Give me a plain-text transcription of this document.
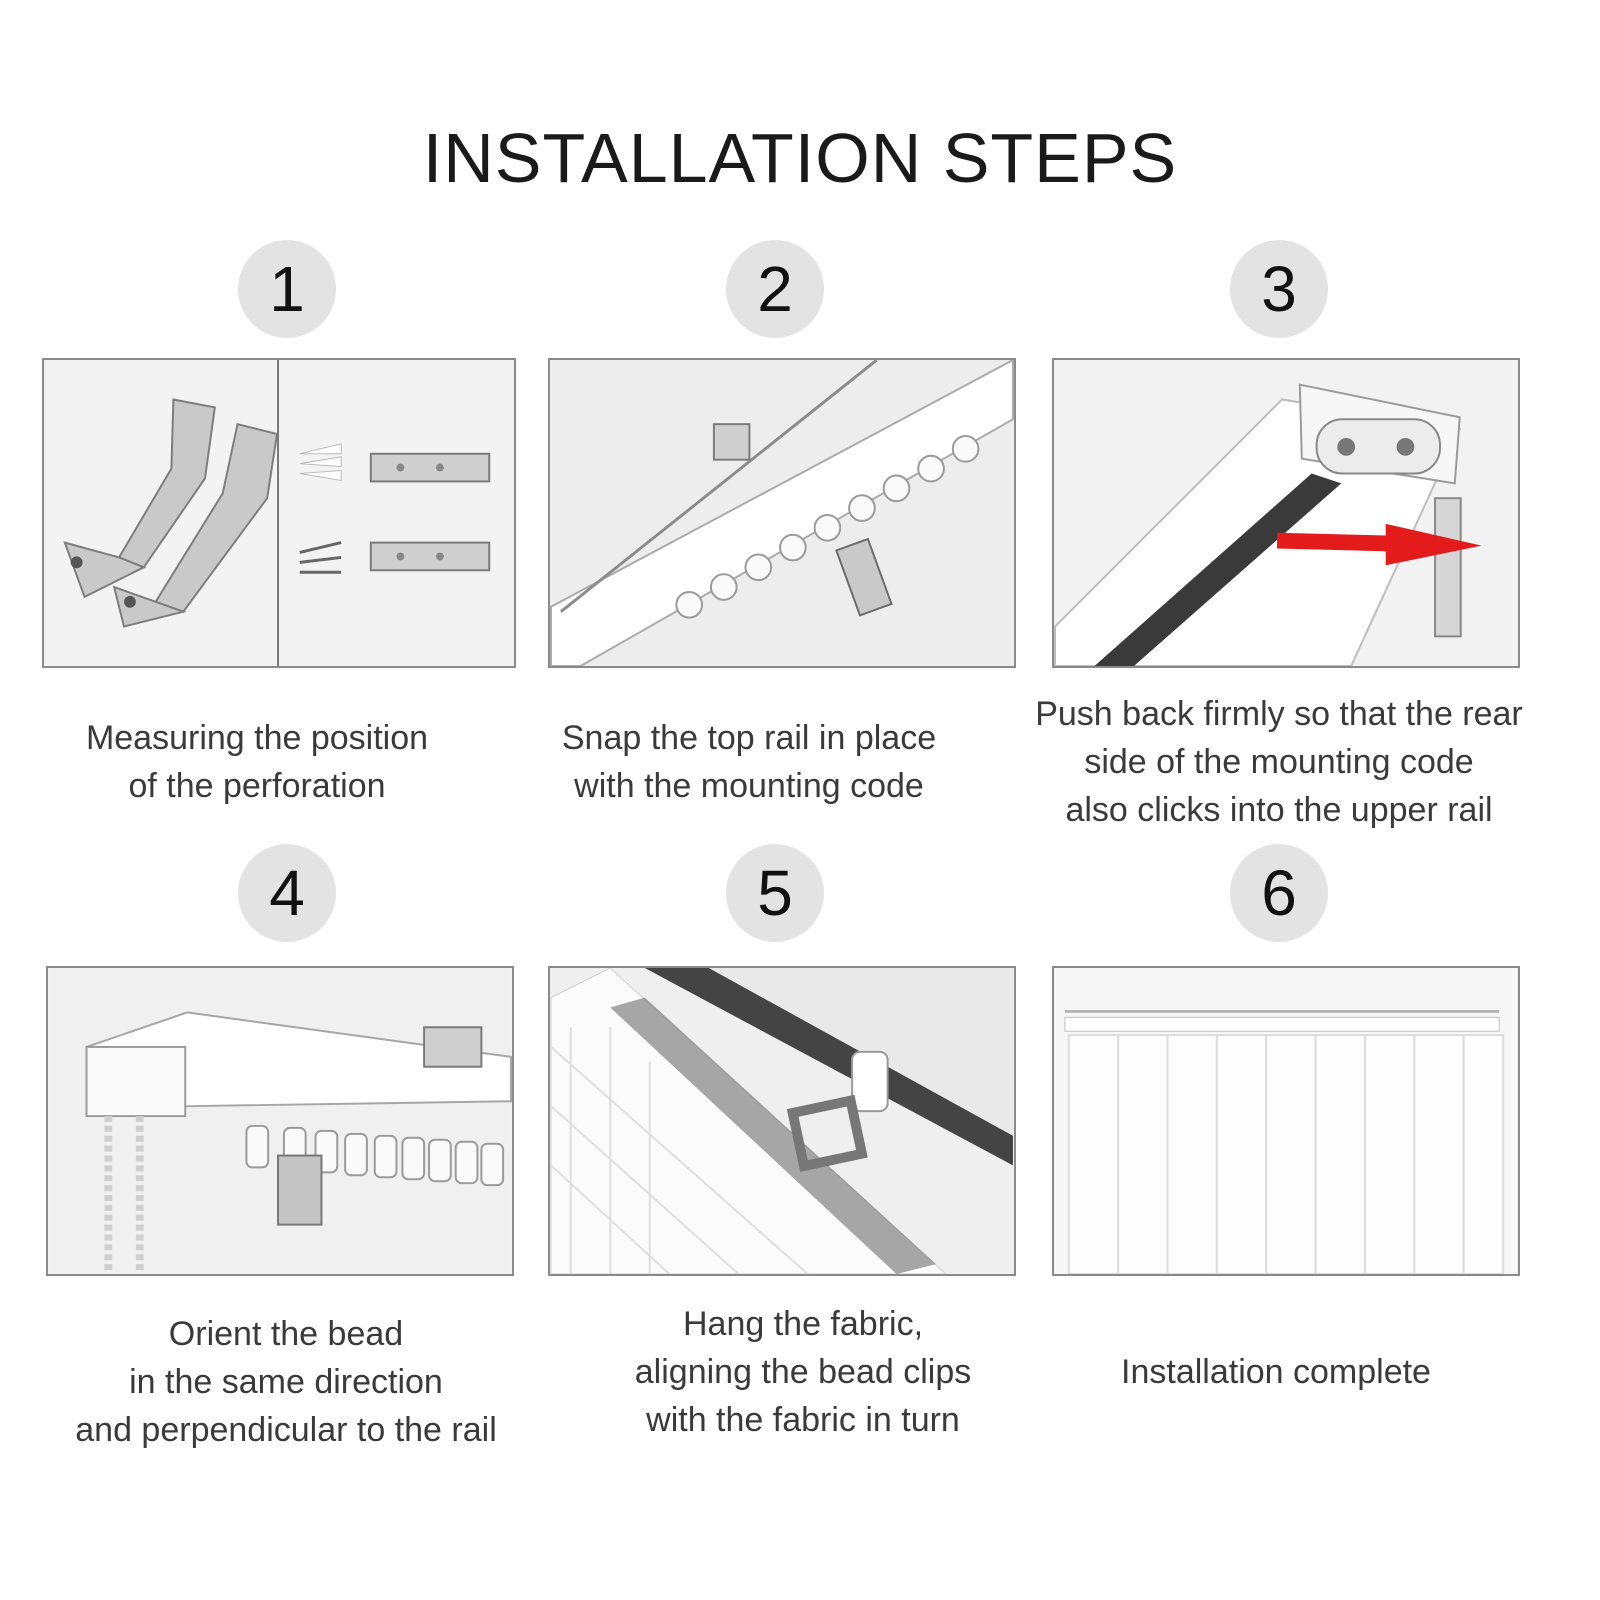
INSTALLATION STEPS
1	2	3
4	5	6
Measuring the position
of the perforation
Snap the top rail in place
with the mounting code
Push back firmly so that the rear
side of the mounting code
also clicks into the upper rail
Orient the bead
in the same direction
and perpendicular to the rail
Hang the fabric,
aligning the bead clips
with the fabric in turn
Installation complete
